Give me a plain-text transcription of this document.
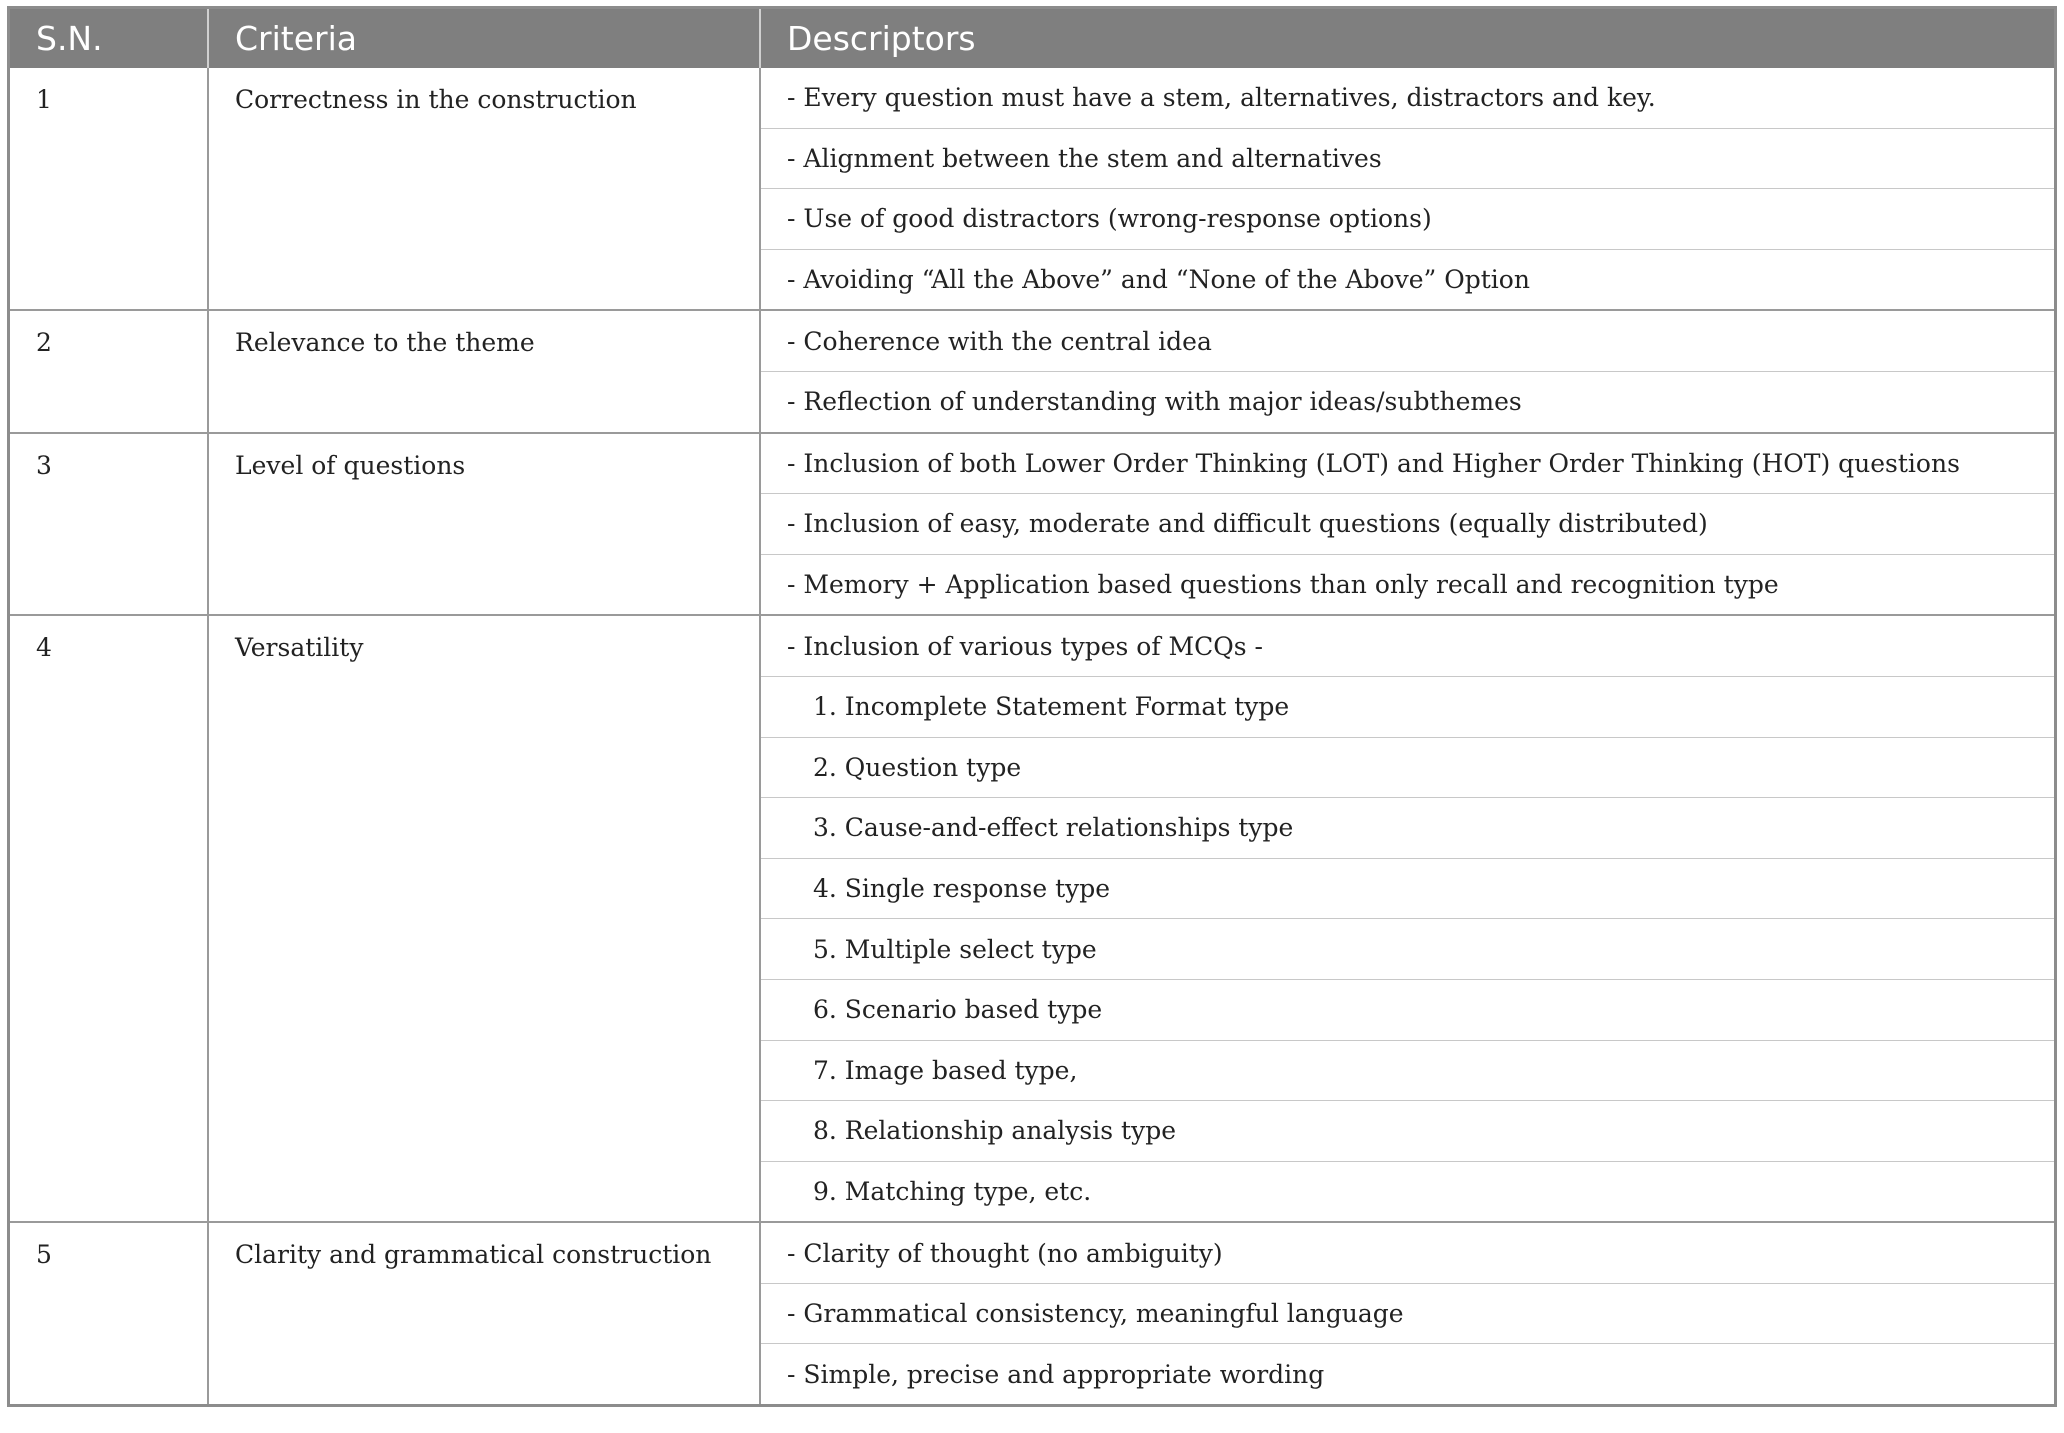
S.N.	Criteria	Descriptors
1	Correctness in the construction	- Every question must have a stem, alternatives, distractors and key.
		- Alignment between the stem and alternatives
		- Use of good distractors (wrong-response options)
		- Avoiding “All the Above” and “None of the Above” Option
2	Relevance to the theme	- Coherence with the central idea
		- Reflection of understanding with major ideas/subthemes
3	Level of questions	- Inclusion of both Lower Order Thinking (LOT) and Higher Order Thinking (HOT) questions
		- Inclusion of easy, moderate and difficult questions (equally distributed)
		- Memory + Application based questions than only recall and recognition type
4	Versatility	- Inclusion of various types of MCQs -
		1. Incomplete Statement Format type
		2. Question type
		3. Cause-and-effect relationships type
		4. Single response type
		5. Multiple select type
		6. Scenario based type
		7. Image based type,
		8. Relationship analysis type
		9. Matching type, etc.
5	Clarity and grammatical construction	- Clarity of thought (no ambiguity)
		- Grammatical consistency, meaningful language
		- Simple, precise and appropriate wording
